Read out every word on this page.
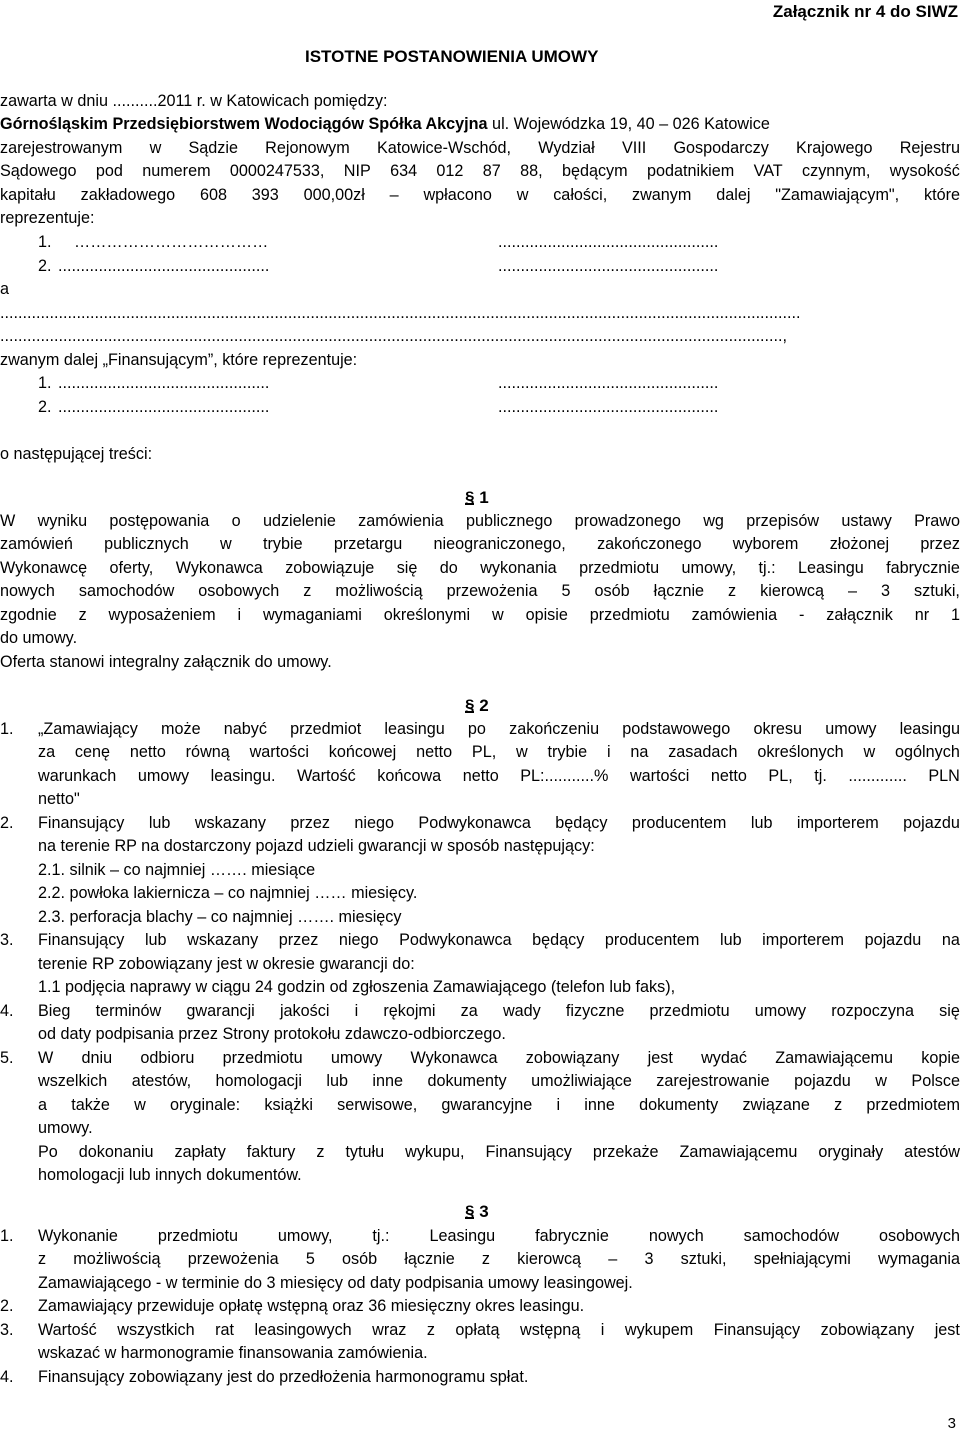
Załącznik nr 4 do SIWZ
ISTOTNE POSTANOWIENIA UMOWY
zawarta w dniu ..........2011 r. w Katowicach pomiędzy:
Górnośląskim Przedsiębiorstwem Wodociągów Spółka Akcyjna ul. Wojewódzka 19, 40 – 026 Katowice
zarejestrowanym w Sądzie Rejonowym Katowice-Wschód, Wydział VIII Gospodarczy Krajowego Rejestru
Sądowego pod numerem 0000247533, NIP 634 012 87 88, będącym podatnikiem VAT czynnym, wysokość
kapitału zakładowego 608 393 000,00zł – wpłacono w całości, zwanym dalej "Zamawiającym", które
reprezentuje:
1. ………………………………	.................................................
2. ...............................................	.................................................
a
..................................................................................................................................................................................
..............................................................................................................................................................................,
zwanym dalej „Finansującym”, które reprezentuje:
1. ...............................................	.................................................
2. ...............................................	.................................................
o następującej treści:
§ 1
W wyniku postępowania o udzielenie zamówienia publicznego prowadzonego wg przepisów ustawy Prawo
zamówień publicznych w trybie przetargu nieograniczonego, zakończonego wyborem złożonej przez
Wykonawcę oferty, Wykonawca zobowiązuje się do wykonania przedmiotu umowy, tj.: Leasingu fabrycznie
nowych samochodów osobowych z możliwością przewożenia 5 osób łącznie z kierowcą – 3 sztuki,
zgodnie z wyposażeniem i wymaganiami określonymi w opisie przedmiotu zamówienia - załącznik nr 1
do umowy.
Oferta stanowi integralny załącznik do umowy.
§ 2
1. „Zamawiający może nabyć przedmiot leasingu po zakończeniu podstawowego okresu umowy leasingu
za cenę netto równą wartości końcowej netto PL, w trybie i na zasadach określonych w ogólnych
warunkach umowy leasingu. Wartość końcowa netto PL:...........% wartości netto PL, tj. ............. PLN
netto"
2. Finansujący lub wskazany przez niego Podwykonawca będący producentem lub importerem pojazdu
na terenie RP na dostarczony pojazd udzieli gwarancji w sposób następujący:
2.1. silnik – co najmniej ……. miesiące
2.2. powłoka lakiernicza – co najmniej …… miesięcy.
2.3. perforacja blachy – co najmniej ……. miesięcy
3. Finansujący lub wskazany przez niego Podwykonawca będący producentem lub importerem pojazdu na
terenie RP zobowiązany jest w okresie gwarancji do:
1.1 podjęcia naprawy w ciągu 24 godzin od zgłoszenia Zamawiającego (telefon lub faks),
4. Bieg terminów gwarancji jakości i rękojmi za wady fizyczne przedmiotu umowy rozpoczyna się
od daty podpisania przez Strony protokołu zdawczo-odbiorczego.
5. W dniu odbioru przedmiotu umowy Wykonawca zobowiązany jest wydać Zamawiającemu kopie
wszelkich atestów, homologacji lub inne dokumenty umożliwiające zarejestrowanie pojazdu w Polsce
a także w oryginale: książki serwisowe, gwarancyjne i inne dokumenty związane z przedmiotem
umowy.
Po dokonaniu zapłaty faktury z tytułu wykupu, Finansujący przekaże Zamawiającemu oryginały atestów
homologacji lub innych dokumentów.
§ 3
1. Wykonanie przedmiotu umowy, tj.: Leasingu fabrycznie nowych samochodów osobowych
z możliwością przewożenia 5 osób łącznie z kierowcą – 3 sztuki, spełniającymi wymagania
Zamawiającego - w terminie do 3 miesięcy od daty podpisania umowy leasingowej.
2. Zamawiający przewiduje opłatę wstępną oraz 36 miesięczny okres leasingu.
3. Wartość wszystkich rat leasingowych wraz z opłatą wstępną i wykupem Finansujący zobowiązany jest
wskazać w harmonogramie finansowania zamówienia.
4. Finansujący zobowiązany jest do przedłożenia harmonogramu spłat.
3
